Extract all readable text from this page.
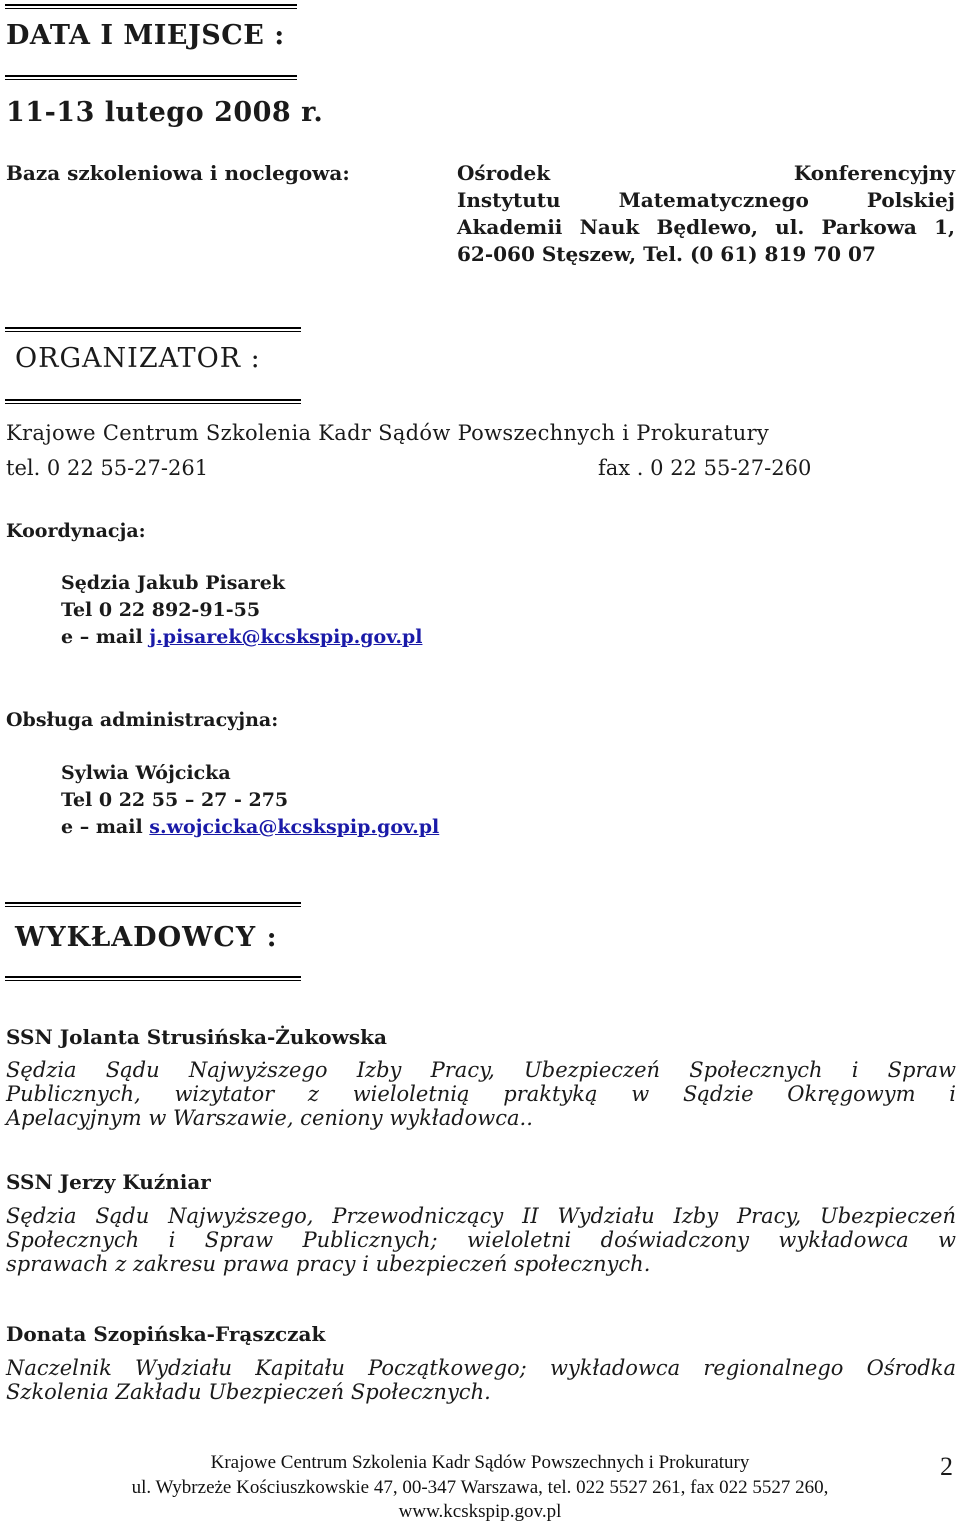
DATA I MIEJSCE :
11-13 lutego 2008 r.
Baza szkoleniowa i noclegowa:	Ośrodek Konferencyjny
Instytutu Matematycznego Polskiej
Akademii Nauk Będlewo, ul. Parkowa 1,
62-060 Stęszew, Tel. (0 61) 819 70 07
ORGANIZATOR :
Krajowe Centrum Szkolenia Kadr Sądów Powszechnych i Prokuratury
tel. 0 22 55-27-261	fax . 0 22 55-27-260
Koordynacja:
Sędzia Jakub Pisarek
Tel 0 22 892-91-55
e – mail j.pisarek@kcskspip.gov.pl
Obsługa administracyjna:
Sylwia Wójcicka
Tel 0 22 55 – 27 - 275
e – mail s.wojcicka@kcskspip.gov.pl
WYKŁADOWCY :
SSN Jolanta Strusińska-Żukowska
Sędzia Sądu Najwyższego Izby Pracy, Ubezpieczeń Społecznych i Spraw
Publicznych, wizytator z wieloletnią praktyką w Sądzie Okręgowym i
Apelacyjnym w Warszawie, ceniony wykładowca..
SSN Jerzy Kuźniar
Sędzia Sądu Najwyższego, Przewodniczący II Wydziału Izby Pracy, Ubezpieczeń
Społecznych i Spraw Publicznych; wieloletni doświadczony wykładowca w
sprawach z zakresu prawa pracy i ubezpieczeń społecznych.
Donata Szopińska-Frąszczak
Naczelnik Wydziału Kapitału Początkowego; wykładowca regionalnego Ośrodka
Szkolenia Zakładu Ubezpieczeń Społecznych.
Krajowe Centrum Szkolenia Kadr Sądów Powszechnych i Prokuratury
ul. Wybrzeże Kościuszkowskie 47, 00-347 Warszawa, tel. 022 5527 261, fax 022 5527 260,
www.kcskspip.gov.pl
2
